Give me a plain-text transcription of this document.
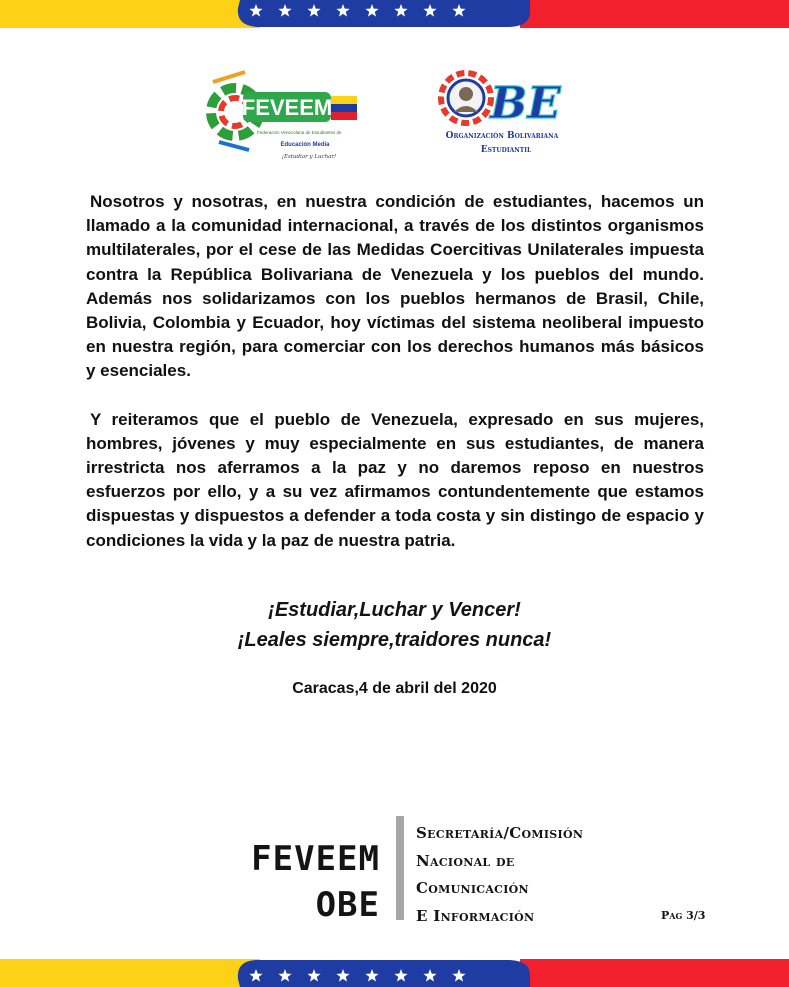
FEVEEM
Federación Venezolana de Estudiantes de
Educación Media
¡Estudiar y Luchar!
BE
Organización Bolivariana
Estudiantil

Nosotros y nosotras, en nuestra condición de estudiantes, hacemos un llamado a la comunidad internacional, a través de los distintos organismos multilaterales, por el cese de las Medidas Coercitivas Unilaterales impuesta contra la República Bolivariana de Venezuela y los pueblos del mundo. Además nos solidarizamos con los pueblos hermanos de Brasil, Chile, Bolivia, Colombia y Ecuador, hoy víctimas del sistema neoliberal impuesto en nuestra región, para comerciar con los derechos humanos más básicos y esenciales.

Y reiteramos que el pueblo de Venezuela, expresado en sus mujeres, hombres, jóvenes y muy especialmente en sus estudiantes, de manera irrestricta nos aferramos a la paz y no daremos reposo en nuestros esfuerzos por ello, y a su vez afirmamos contundentemente que estamos dispuestas y dispuestos a defender a toda costa y sin distingo de espacio y condiciones la vida y la paz de nuestra patria.

¡Estudiar,Luchar y Vencer!
¡Leales siempre,traidores nunca!
Caracas,4 de abril del 2020
FEVEEM
OBE
Secretaría/Comisión
Nacional de
Comunicación
E Información	Pag 3/3
